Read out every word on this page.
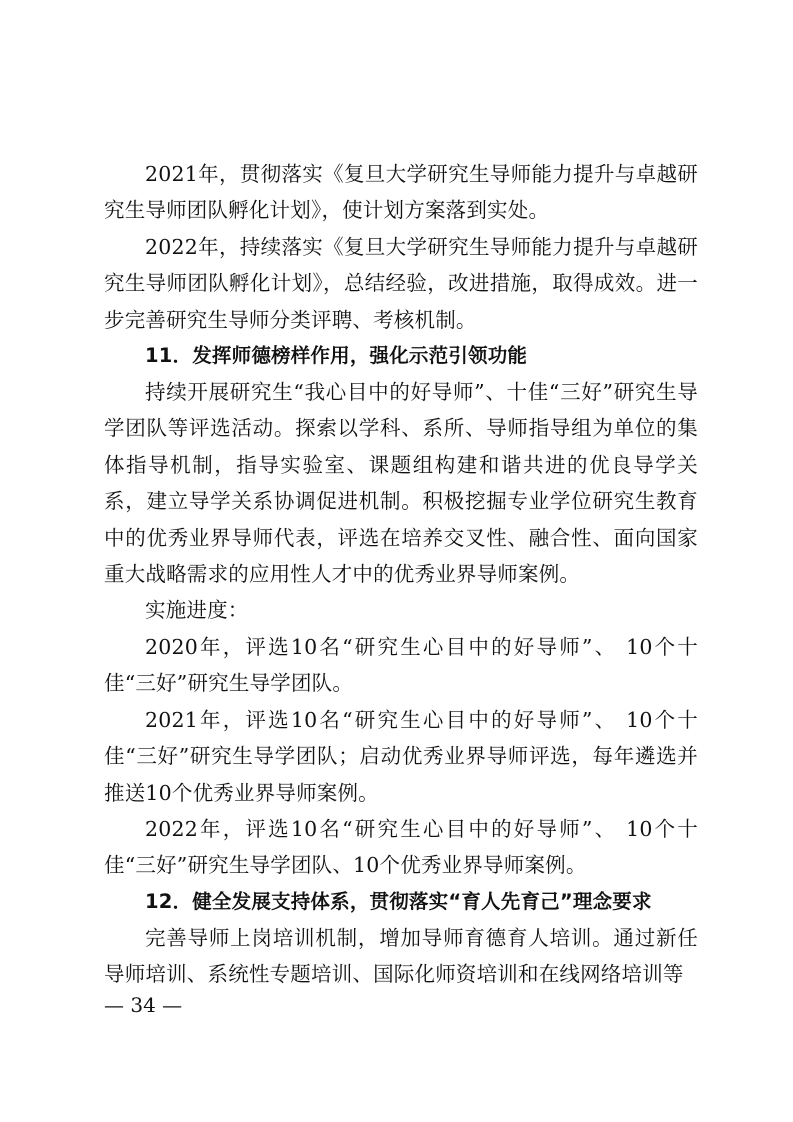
2021年，贯彻落实《复旦大学研究生导师能力提升与卓越研究生导师团队孵化计划》，使计划方案落到实处。

2022年，持续落实《复旦大学研究生导师能力提升与卓越研究生导师团队孵化计划》，总结经验，改进措施，取得成效。进一步完善研究生导师分类评聘、考核机制。

11．发挥师德榜样作用，强化示范引领功能

持续开展研究生“我心目中的好导师”、十佳“三好”研究生导学团队等评选活动。探索以学科、系所、导师指导组为单位的集体指导机制，指导实验室、课题组构建和谐共进的优良导学关系，建立导学关系协调促进机制。积极挖掘专业学位研究生教育中的优秀业界导师代表，评选在培养交叉性、融合性、面向国家重大战略需求的应用性人才中的优秀业界导师案例。

实施进度：

2020年，评选10名“研究生心目中的好导师”、 10个十佳“三好”研究生导学团队。

2021年，评选10名“研究生心目中的好导师”、 10个十佳“三好”研究生导学团队；启动优秀业界导师评选，每年遴选并推送10个优秀业界导师案例。

2022年，评选10名“研究生心目中的好导师”、 10个十佳“三好”研究生导学团队、10个优秀业界导师案例。

12．健全发展支持体系，贯彻落实“育人先育己”理念要求

完善导师上岗培训机制，增加导师育德育人培训。通过新任导师培训、系统性专题培训、国际化师资培训和在线网络培训等

— 34 —
